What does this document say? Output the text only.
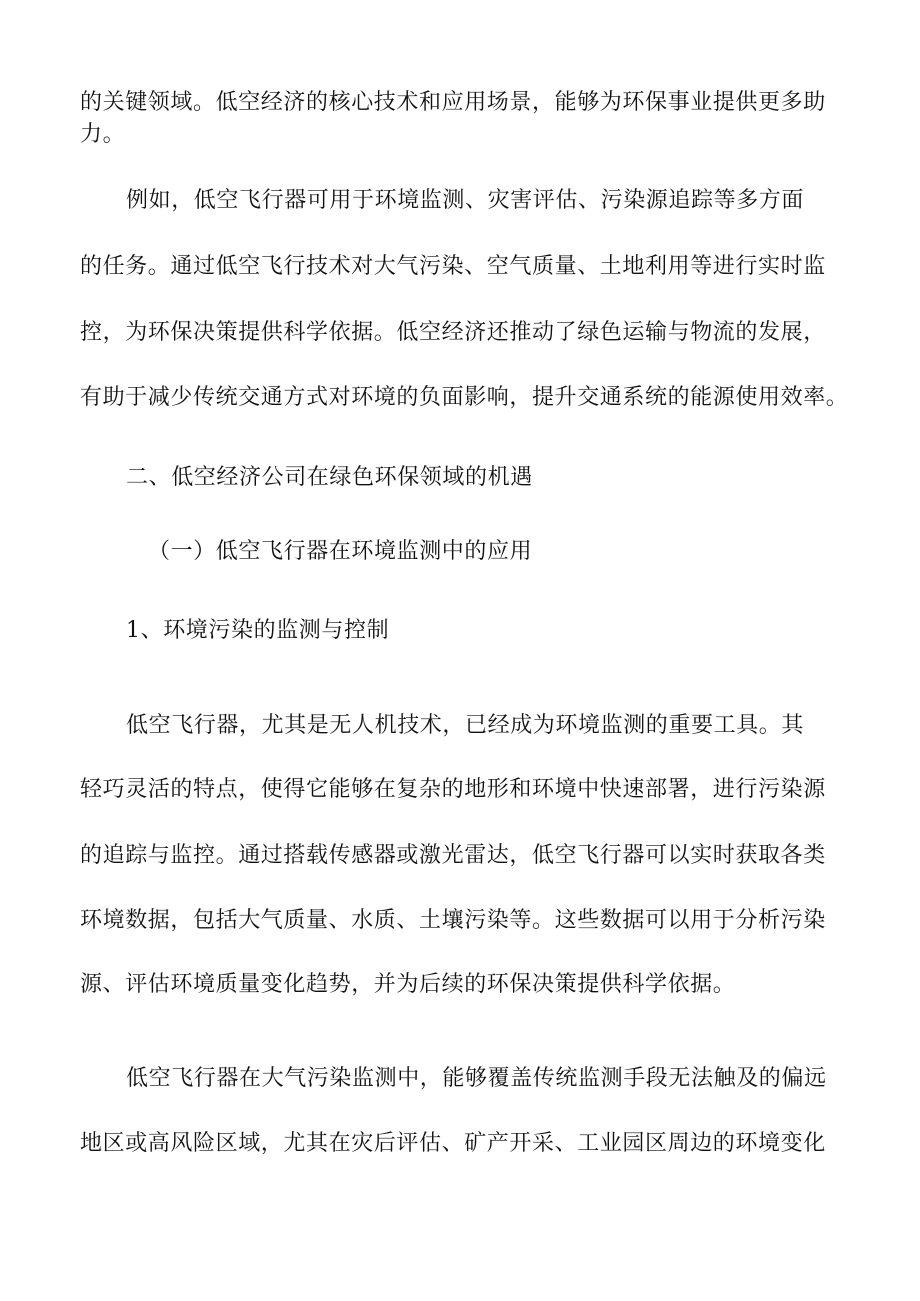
的关键领域。低空经济的核心技术和应用场景，能够为环保事业提供更多助
力。
例如，低空飞行器可用于环境监测、灾害评估、污染源追踪等多方面
的任务。通过低空飞行技术对大气污染、空气质量、土地利用等进行实时监
控，为环保决策提供科学依据。低空经济还推动了绿色运输与物流的发展，
有助于减少传统交通方式对环境的负面影响，提升交通系统的能源使用效率。
二、低空经济公司在绿色环保领域的机遇
（一）低空飞行器在环境监测中的应用
1、环境污染的监测与控制
低空飞行器，尤其是无人机技术，已经成为环境监测的重要工具。其
轻巧灵活的特点，使得它能够在复杂的地形和环境中快速部署，进行污染源
的追踪与监控。通过搭载传感器或激光雷达，低空飞行器可以实时获取各类
环境数据，包括大气质量、水质、土壤污染等。这些数据可以用于分析污染
源、评估环境质量变化趋势，并为后续的环保决策提供科学依据。
低空飞行器在大气污染监测中，能够覆盖传统监测手段无法触及的偏远
地区或高风险区域，尤其在灾后评估、矿产开采、工业园区周边的环境变化
